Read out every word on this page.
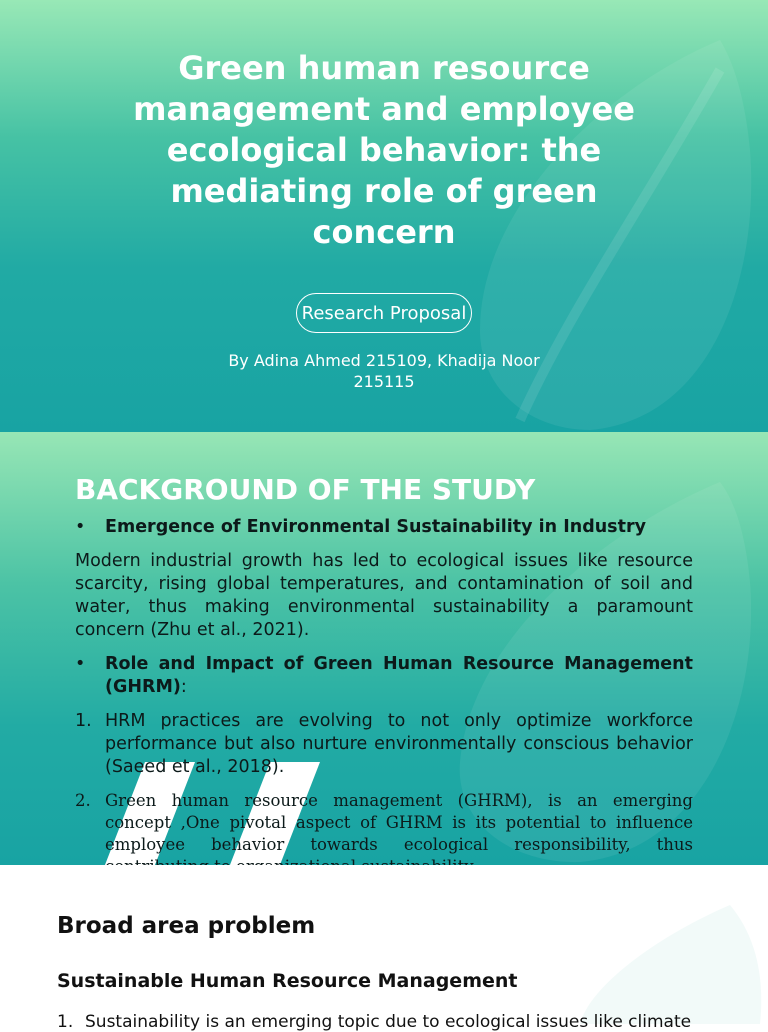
Green human resource management and employee ecological behavior: the mediating role of green concern
Research Proposal

By Adina Ahmed 215109, Khadija Noor 215115

BACKGROUND OF THE STUDY
•	Emergence of Environmental Sustainability in Industry

Modern industrial growth has led to ecological issues like resource scarcity, rising global temperatures, and contamination of soil and water, thus making environmental sustainability a paramount concern (Zhu et al., 2021).

•	Role and Impact of Green Human Resource Management (GHRM):
1. HRM practices are evolving to not only optimize workforce performance but also nurture environmentally conscious behavior (Saeed et al., 2018).
2. Green human resource management (GHRM), is an emerging concept ,One pivotal aspect of GHRM is its potential to influence employee behavior towards ecological responsibility, thus
Broad area problem
Sustainable Human Resource Management

1. Sustainability is an emerging topic due to ecological issues like climate
